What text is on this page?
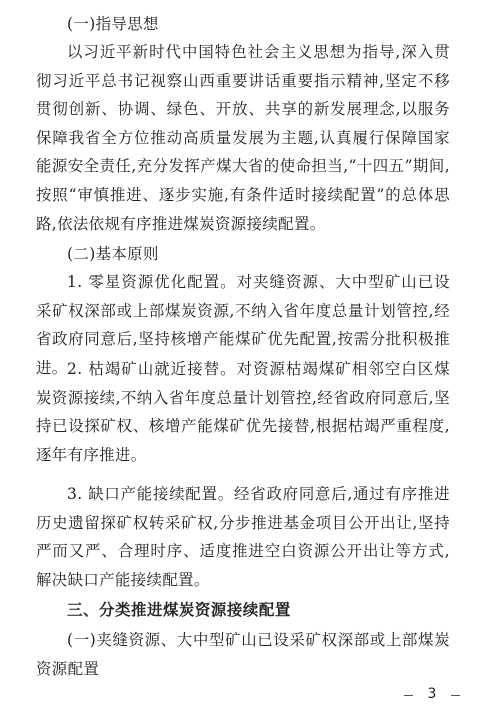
(一)指导思想

以习近平新时代中国特色社会主义思想为指导,深入贯彻习近平总书记视察山西重要讲话重要指示精神,坚定不移贯彻创新、协调、绿色、开放、共享的新发展理念,以服务保障我省全方位推动高质量发展为主题,认真履行保障国家能源安全责任,充分发挥产煤大省的使命担当,“十四五”期间,按照“审慎推进、逐步实施,有条件适时接续配置”的总体思路,依法依规有序推进煤炭资源接续配置。

(二)基本原则

1. 零星资源优化配置。对夹缝资源、大中型矿山已设采矿权深部或上部煤炭资源,不纳入省年度总量计划管控,经省政府同意后,坚持核增产能煤矿优先配置,按需分批积极推进。 2. 枯竭矿山就近接替。对资源枯竭煤矿相邻空白区煤炭资源接续,不纳入省年度总量计划管控,经省政府同意后,坚持已设探矿权、核增产能煤矿优先接替,根据枯竭严重程度,逐年有序推进。

3. 缺口产能接续配置。经省政府同意后,通过有序推进历史遗留探矿权转采矿权,分步推进基金项目公开出让,坚持严而又严、合理时序、适度推进空白资源公开出让等方式,解决缺口产能接续配置。

三、分类推进煤炭资源接续配置

(一)夹缝资源、大中型矿山已设采矿权深部或上部煤炭资源配置

3
